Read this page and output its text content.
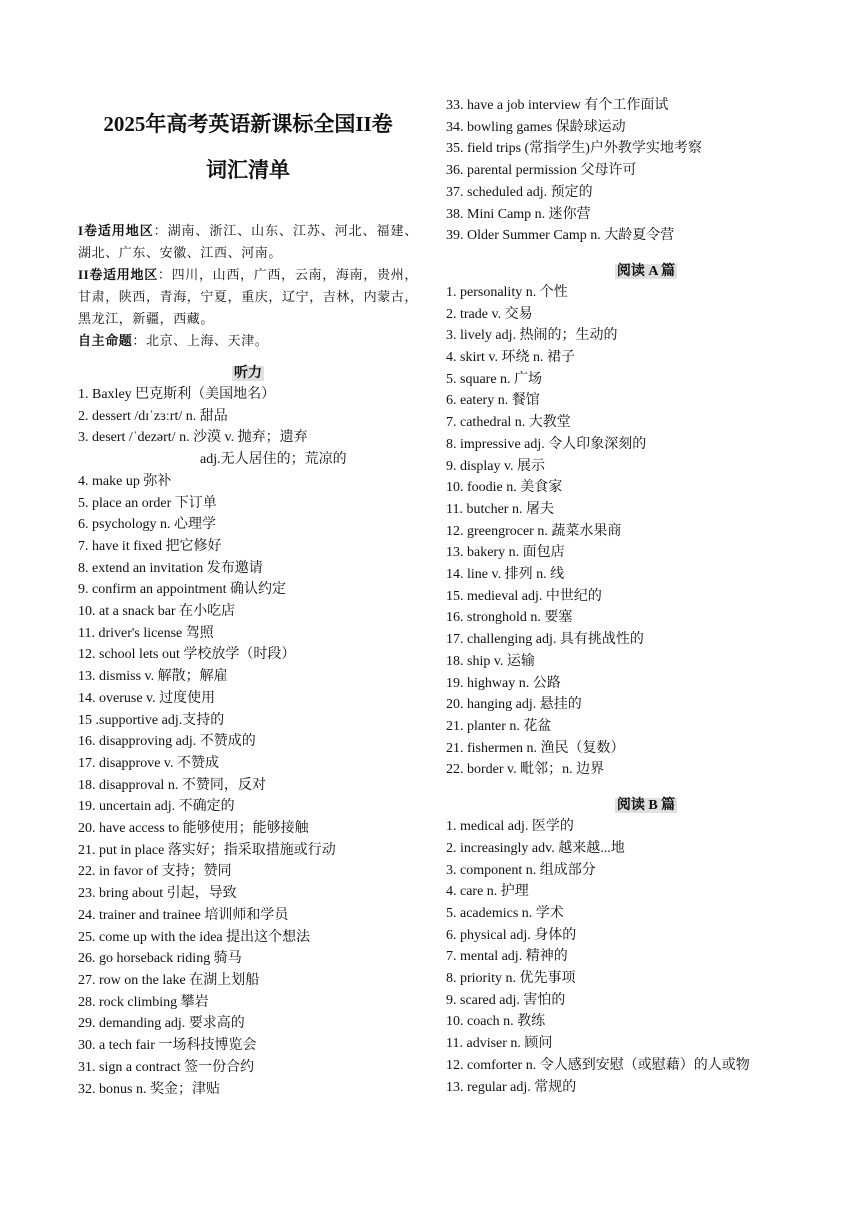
2025年高考英语新课标全国II卷
词汇清单
I卷适用地区：湖南、浙江、山东、江苏、河北、福建、湖北、广东、安徽、江西、河南。
II卷适用地区：四川，山西，广西，云南，海南，贵州，甘肃，陕西，青海，宁夏，重庆，辽宁，吉林，内蒙古，黑龙江，新疆，西藏。
自主命题：北京、上海、天津。
听力
1. Baxley 巴克斯利（美国地名）
2. dessert /dɪˈzɜːrt/ n. 甜品
3. desert /ˈdezərt/ n. 沙漠 v. 抛弃；遗弃
adj.无人居住的；荒凉的
4. make up 弥补
5. place an order 下订单
6. psychology n. 心理学
7. have it fixed 把它修好
8. extend an invitation 发布邀请
9. confirm an appointment 确认约定
10. at a snack bar 在小吃店
11. driver's license 驾照
12. school lets out 学校放学（时段）
13. dismiss v. 解散；解雇
14. overuse v. 过度使用
15 .supportive adj.支持的
16. disapproving adj. 不赞成的
17. disapprove v. 不赞成
18. disapproval n. 不赞同，反对
19. uncertain adj. 不确定的
20. have access to 能够使用；能够接触
21. put in place 落实好；指采取措施或行动
22. in favor of 支持；赞同
23. bring about 引起，导致
24. trainer and trainee 培训师和学员
25. come up with the idea 提出这个想法
26. go horseback riding 骑马
27. row on the lake 在湖上划船
28. rock climbing 攀岩
29. demanding adj. 要求高的
30. a tech fair 一场科技博览会
31. sign a contract 签一份合约
32. bonus n. 奖金；津贴
33. have a job interview 有个工作面试
34. bowling games 保龄球运动
35. field trips (常指学生)户外教学实地考察
36. parental permission 父母许可
37. scheduled adj. 预定的
38. Mini Camp n. 迷你营
39. Older Summer Camp n. 大龄夏令营
阅读 A 篇
1. personality n. 个性
2. trade v. 交易
3. lively adj. 热闹的；生动的
4. skirt v. 环绕 n. 裙子
5. square n. 广场
6. eatery n. 餐馆
7. cathedral n. 大教堂
8. impressive adj. 令人印象深刻的
9. display v. 展示
10. foodie n. 美食家
11. butcher n. 屠夫
12. greengrocer n. 蔬菜水果商
13. bakery n. 面包店
14. line v. 排列 n. 线
15. medieval adj. 中世纪的
16. stronghold n. 要塞
17. challenging adj. 具有挑战性的
18. ship v. 运输
19. highway n. 公路
20. hanging adj. 悬挂的
21. planter n. 花盆
21. fishermen n. 渔民（复数）
22. border v. 毗邻；n. 边界
阅读 B 篇
1. medical adj. 医学的
2. increasingly adv. 越来越...地
3. component n. 组成部分
4. care n. 护理
5. academics n. 学术
6. physical adj. 身体的
7. mental adj. 精神的
8. priority n. 优先事项
9. scared adj. 害怕的
10. coach n. 教练
11. adviser n. 顾问
12. comforter n. 令人感到安慰（或慰藉）的人或物
13. regular adj. 常规的
